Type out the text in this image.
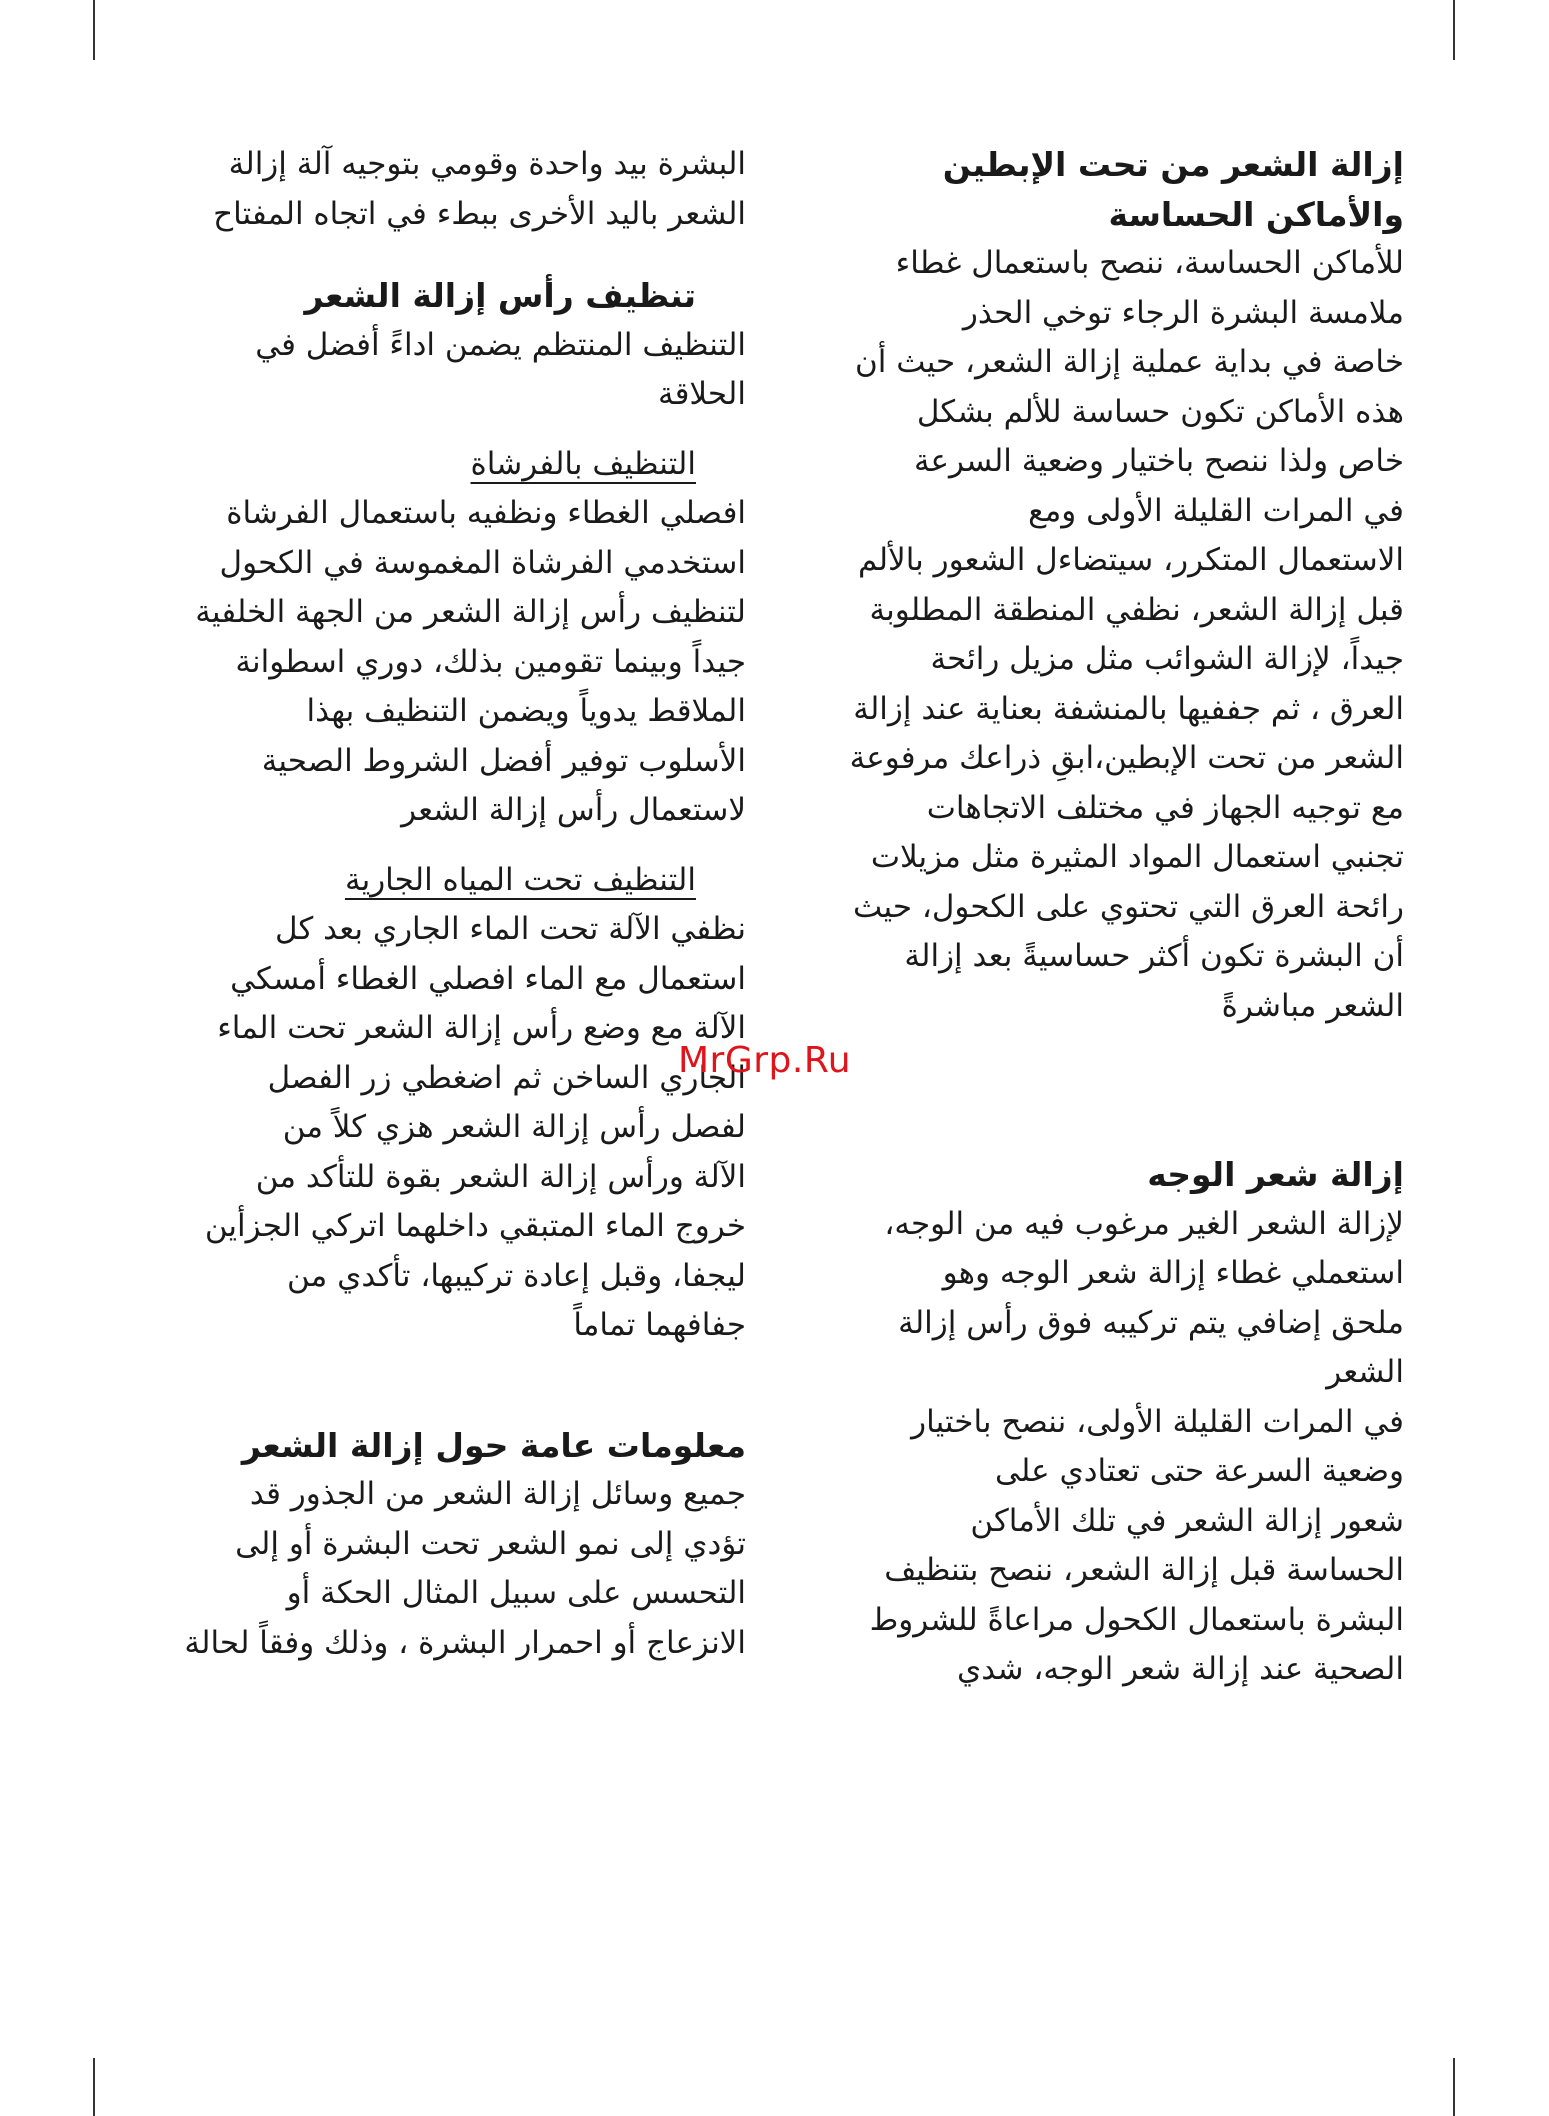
إزالة الشعر من تحت الإبطين
والأماكن الحساسة
للأماكن الحساسة، ننصح باستعمال غطاء
ملامسة البشرة الرجاء توخي الحذر
خاصة في بداية عملية إزالة الشعر، حيث أن
هذه الأماكن تكون حساسة للألم بشكل
خاص ولذا ننصح باختيار وضعية السرعة
في المرات القليلة الأولى ومع
الاستعمال المتكرر، سيتضاءل الشعور بالألم
قبل إزالة الشعر، نظفي المنطقة المطلوبة
جيداً، لإزالة الشوائب مثل مزيل رائحة
العرق ، ثم جففيها بالمنشفة بعناية عند إزالة
الشعر من تحت الإبطين،ابقِ ذراعك مرفوعة
مع توجيه الجهاز في مختلف الاتجاهات
تجنبي استعمال المواد المثيرة مثل مزيلات
رائحة العرق التي تحتوي على الكحول، حيث
أن البشرة تكون أكثر حساسيةً بعد إزالة
الشعر مباشرةً
إزالة شعر الوجه
لإزالة الشعر الغير مرغوب فيه من الوجه،
استعملي غطاء إزالة شعر الوجه وهو
ملحق إضافي يتم تركيبه فوق رأس إزالة
الشعر
في المرات القليلة الأولى، ننصح باختيار
وضعية السرعة حتى تعتادي على
شعور إزالة الشعر في تلك الأماكن
الحساسة قبل إزالة الشعر، ننصح بتنظيف
البشرة باستعمال الكحول مراعاةً للشروط
الصحية عند إزالة شعر الوجه، شدي
البشرة بيد واحدة وقومي بتوجيه آلة إزالة
الشعر باليد الأخرى ببطء في اتجاه المفتاح
تنظيف رأس إزالة الشعر
التنظيف المنتظم يضمن اداءً أفضل في
الحلاقة
التنظيف بالفرشاة
افصلي الغطاء ونظفيه باستعمال الفرشاة
استخدمي الفرشاة المغموسة في الكحول
لتنظيف رأس إزالة الشعر من الجهة الخلفية
جيداً وبينما تقومين بذلك، دوري اسطوانة
الملاقط يدوياً ويضمن التنظيف بهذا
الأسلوب توفير أفضل الشروط الصحية
لاستعمال رأس إزالة الشعر
التنظيف تحت المياه الجارية
نظفي الآلة تحت الماء الجاري بعد كل
استعمال مع الماء افصلي الغطاء أمسكي
الآلة مع وضع رأس إزالة الشعر تحت الماء
الجاري الساخن ثم اضغطي زر الفصل
لفصل رأس إزالة الشعر هزي كلاً من
الآلة ورأس إزالة الشعر بقوة للتأكد من
خروج الماء المتبقي داخلهما اتركي الجزأين
ليجفا، وقبل إعادة تركيبها، تأكدي من
جفافهما تماماً
معلومات عامة حول إزالة الشعر
جميع وسائل إزالة الشعر من الجذور قد
تؤدي إلى نمو الشعر تحت البشرة أو إلى
التحسس على سبيل المثال الحكة أو
الانزعاج أو احمرار البشرة ، وذلك وفقاً لحالة
MrGrp.Ru
